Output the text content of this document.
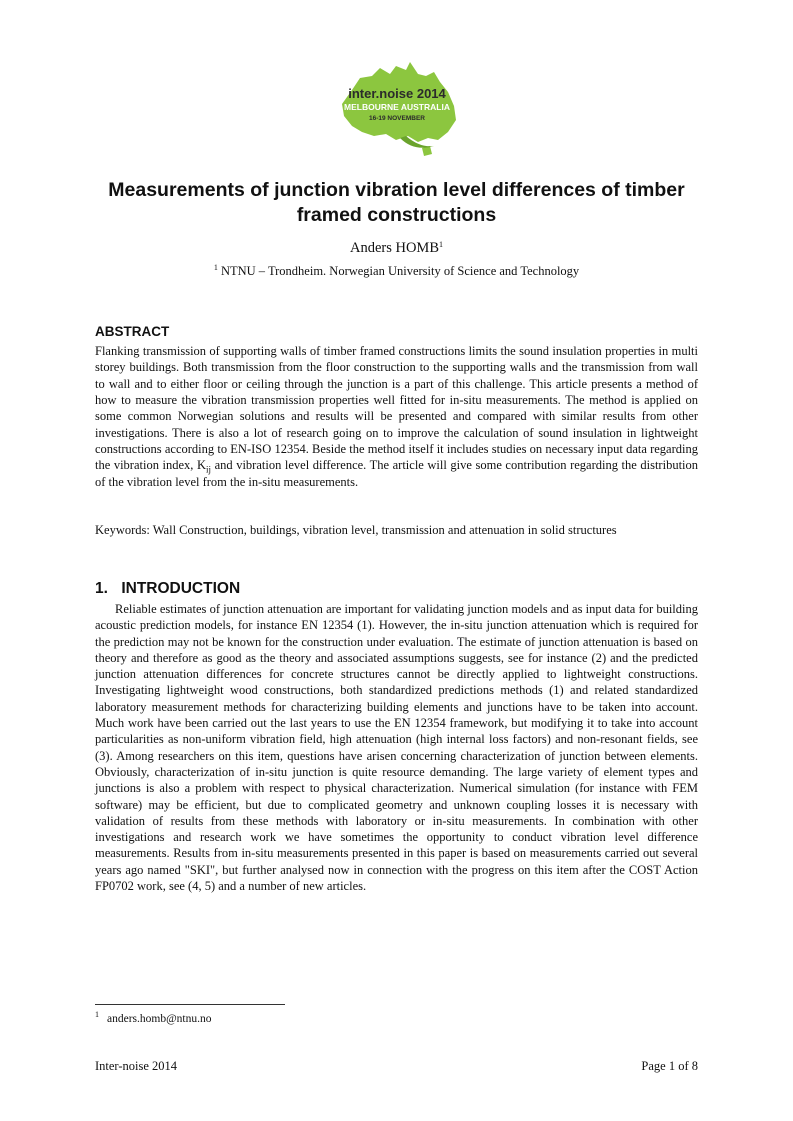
inter.noise 2014
MELBOURNE AUSTRALIA
16-19 NOVEMBER
Measurements of junction vibration level differences of timber framed constructions
Anders HOMB$^1$
$^1$ NTNU – Trondheim. Norwegian University of Science and Technology
ABSTRACT
Flanking transmission of supporting walls of timber framed constructions limits the sound insulation properties in multi storey buildings. Both transmission from the floor construction to the supporting walls and the transmission from wall to wall and to either floor or ceiling through the junction is a part of this challenge. This article presents a method of how to measure the vibration transmission properties well fitted for in-situ measurements. The method is applied on some common Norwegian solutions and results will be presented and compared with similar results from other investigations. There is also a lot of research going on to improve the calculation of sound insulation in lightweight constructions according to EN-ISO 12354. Beside the method itself it includes studies on necessary input data regarding the vibration index, $K_{ij}$ and vibration level difference. The article will give some contribution regarding the distribution of the vibration level from the in-situ measurements.
Keywords: Wall Construction, buildings, vibration level, transmission and attenuation in solid structures
1. INTRODUCTION
Reliable estimates of junction attenuation are important for validating junction models and as input data for building acoustic prediction models, for instance EN 12354 (1). However, the in-situ junction attenuation which is required for the prediction may not be known for the construction under evaluation. The estimate of junction attenuation is based on theory and therefore as good as the theory and associated assumptions suggests, see for instance (2) and the predicted junction attenuation differences for concrete structures cannot be directly applied to lightweight constructions. Investigating lightweight wood constructions, both standardized predictions methods (1) and related standardized laboratory measurement methods for characterizing building elements and junctions have to be taken into account. Much work have been carried out the last years to use the EN 12354 framework, but modifying it to take into account particularities as non-uniform vibration field, high attenuation (high internal loss factors) and non-resonant fields, see (3). Among researchers on this item, questions have arisen concerning characterization of junction between elements. Obviously, characterization of in-situ junction is quite resource demanding. The large variety of element types and junctions is also a problem with respect to physical characterization. Numerical simulation (for instance with FEM software) may be efficient, but due to complicated geometry and unknown coupling losses it is necessary with validation of results from these methods with laboratory or in-situ measurements. In combination with other investigations and research work we have sometimes the opportunity to conduct vibration level difference measurements. Results from in-situ measurements presented in this paper is based on measurements carried out several years ago named "SKI", but further analysed now in connection with the progress on this item after the COST Action FP0702 work, see (4, 5) and a number of new articles.
$^1$ anders.homb@ntnu.no
Inter-noise 2014	Page 1 of 8
